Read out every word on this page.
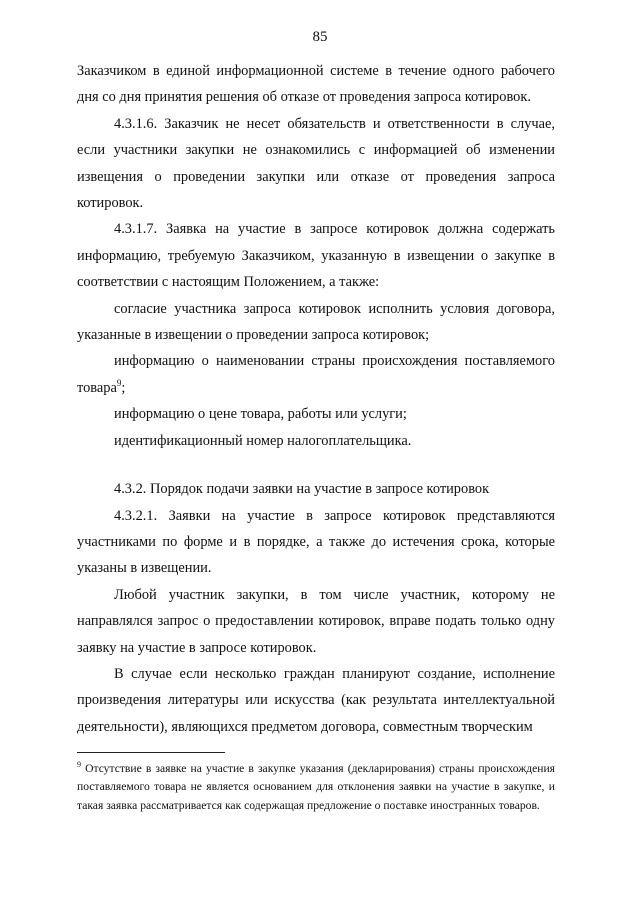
85

Заказчиком в единой информационной системе в течение одного рабочего дня со дня принятия решения об отказе от проведения запроса котировок.

4.3.1.6. Заказчик не несет обязательств и ответственности в случае, если участники закупки не ознакомились с информацией об изменении извещения о проведении закупки или отказе от проведения запроса котировок.

4.3.1.7. Заявка на участие в запросе котировок должна содержать информацию, требуемую Заказчиком, указанную в извещении о закупке в соответствии с настоящим Положением, а также:

согласие участника запроса котировок исполнить условия договора, указанные в извещении о проведении запроса котировок;

информацию о наименовании страны происхождения поставляемого товара$^9$;

информацию о цене товара, работы или услуги;

идентификационный номер налогоплательщика.

4.3.2. Порядок подачи заявки на участие в запросе котировок

4.3.2.1. Заявки на участие в запросе котировок представляются участниками по форме и в порядке, а также до истечения срока, которые указаны в извещении.

Любой участник закупки, в том числе участник, которому не направлялся запрос о предоставлении котировок, вправе подать только одну заявку на участие в запросе котировок.

В случае если несколько граждан планируют создание, исполнение произведения литературы или искусства (как результата интеллектуальной деятельности), являющихся предметом договора, совместным творческим

$^9$ Отсутствие в заявке на участие в закупке указания (декларирования) страны происхождения поставляемого товара не является основанием для отклонения заявки на участие в закупке, и такая заявка рассматривается как содержащая предложение о поставке иностранных товаров.
